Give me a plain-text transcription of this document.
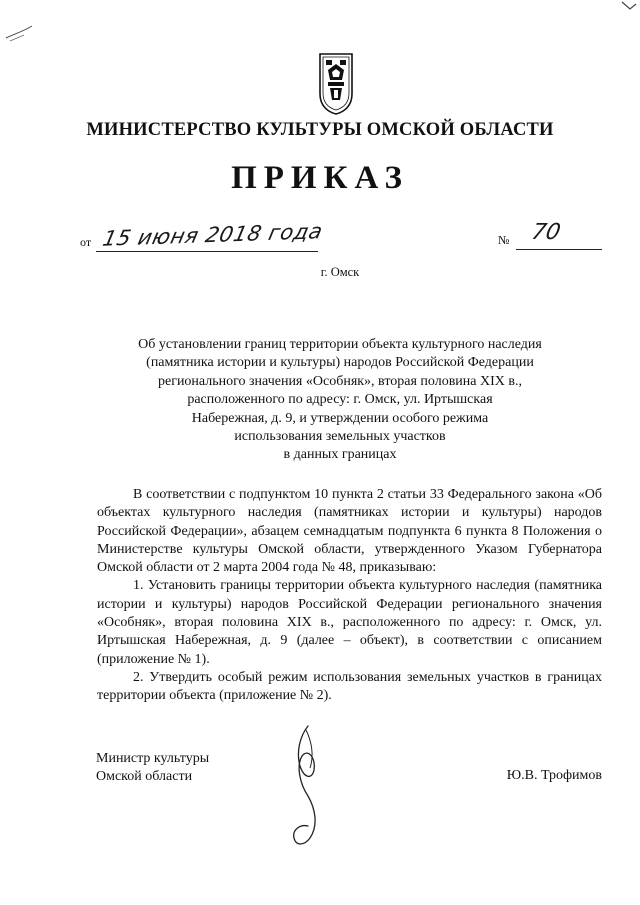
МИНИСТЕРСТВО КУЛЬТУРЫ ОМСКОЙ ОБЛАСТИ
ПРИКАЗ
от 15 июня 2018 года	№ 70
г. Омск
Об установлении границ территории объекта культурного наследия
(памятника истории и культуры) народов Российской Федерации
регионального значения «Особняк», вторая половина XIX в.,
расположенного по адресу: г. Омск, ул. Иртышская
Набережная, д. 9, и утверждении особого режима
использования земельных участков
в данных границах

В соответствии с подпунктом 10 пункта 2 статьи 33 Федерального закона «Об объектах культурного наследия (памятниках истории и культуры) народов Российской Федерации», абзацем семнадцатым подпункта 6 пункта 8 Положения о Министерстве культуры Омской области, утвержденного Указом Губернатора Омской области от 2 марта 2004 года № 48, приказываю:

1. Установить границы территории объекта культурного наследия (памятника истории и культуры) народов Российской Федерации регионального значения «Особняк», вторая половина XIX в., расположенного по адресу: г. Омск, ул. Иртышская Набережная, д. 9 (далее – объект), в соответствии с описанием (приложение № 1).

2. Утвердить особый режим использования земельных участков в границах территории объекта (приложение № 2).

Министр культуры
Омской области	Ю.В. Трофимов
